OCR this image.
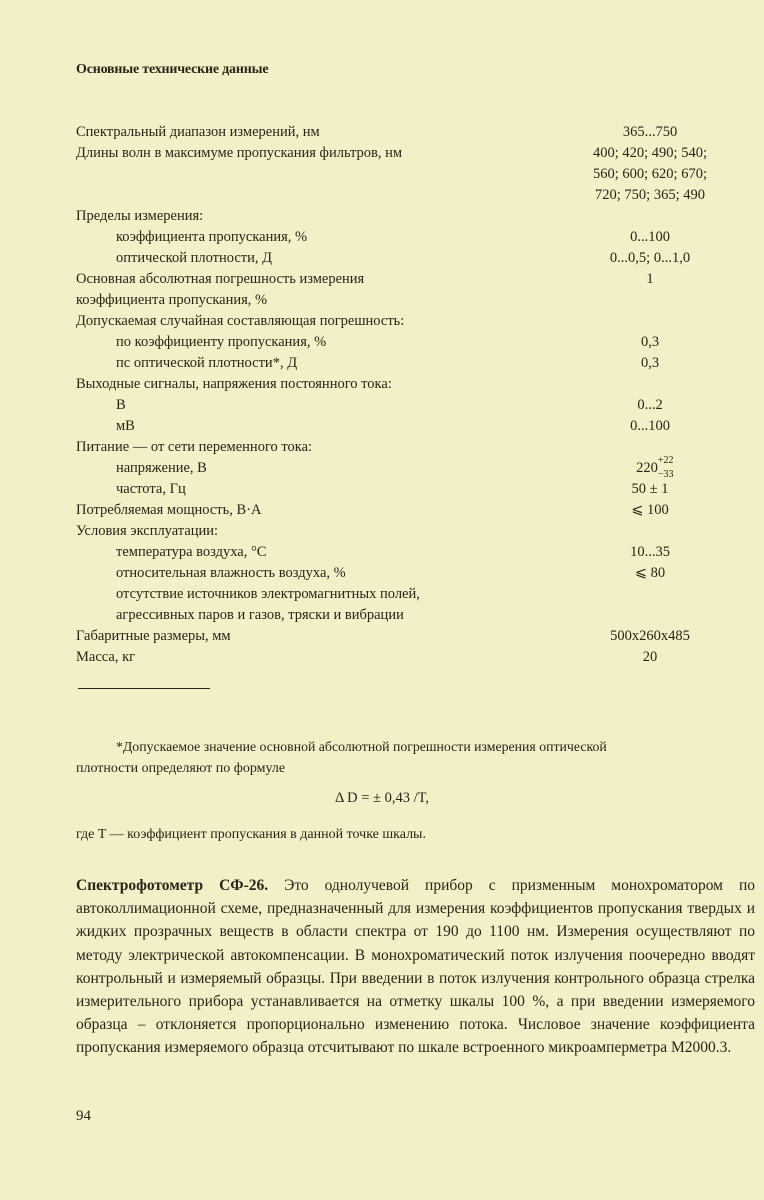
Основные технические данные
Спектральный диапазон измерений, нм	365...750
Длины волн в максимуме пропускания фильтров, нм	400; 420; 490; 540;
560; 600; 620; 670;
720; 750; 365; 490
Пределы измерения:
коэффициента пропускания, %	0...100
оптической плотности, Д	0...0,5; 0...1,0
Основная абсолютная погрешность измерения	1
коэффициента пропускания, %
Допускаемая случайная составляющая погрешность:
по коэффициенту пропускания, %	0,3
пс оптической плотности*, Д	0,3
Выходные сигналы, напряжения постоянного тока:
В	0...2
мВ	0...100
Питание — от сети переменного тока:
напряжение, В	220 +22
−33
частота, Гц	50 ± 1
Потребляемая мощность, В·А	⩽ 100
Условия эксплуатации:
температура воздуха, °С	10...35
относительная влажность воздуха, %	⩽ 80
отсутствие источников электромагнитных полей,
агрессивных паров и газов, тряски и вибрации
Габаритные размеры, мм	500x260x485
Масса, кг	20
*Допускаемое значение основной абсолютной погрешности измерения оптической
плотности определяют по формуле
Δ D = ± 0,43 /T,
где T — коэффициент пропускания в данной точке шкалы.
Спектрофотометр СФ-26. Это однолучевой прибор с призменным монохроматором по автоколлимационной схеме, предназначенный для измерения коэффициентов пропускания твердых и жидких прозрачных веществ в области спектра от 190 до 1100 нм. Измерения осуществляют по методу электрической автокомпенсации. В монохроматический поток излучения поочередно вводят контрольный и измеряемый образцы. При введении в поток излучения контрольного образца стрелка измерительного прибора устанавливается на отметку шкалы 100 %, а при введении измеряемого образца – отклоняется пропорционально изменению потока. Числовое значение коэффициента пропускания измеряемого образца отсчитывают по шкале встроенного микроамперметра М2000.3.
94
